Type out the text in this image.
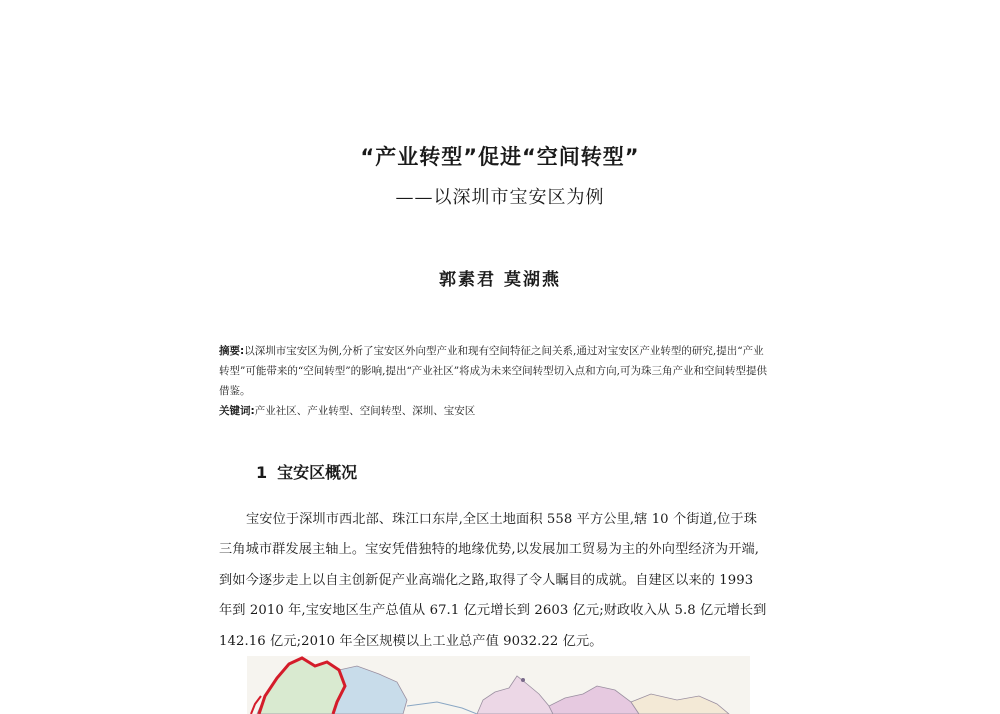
“产业转型”促进“空间转型”
——以深圳市宝安区为例
郭素君 莫湖燕

摘要:以深圳市宝安区为例,分析了宝安区外向型产业和现有空间特征之间关系,通过对宝安区产业转型的研究,提出“产业转型”可能带来的“空间转型”的影响,提出“产业社区”将成为未来空间转型切入点和方向,可为珠三角产业和空间转型提供借鉴。

关键词:产业社区、产业转型、空间转型、深圳、宝安区
1 宝安区概况

宝安位于深圳市西北部、珠江口东岸,全区土地面积 558 平方公里,辖 10 个街道,位于珠三角城市群发展主轴上。宝安凭借独特的地缘优势,以发展加工贸易为主的外向型经济为开端,到如今逐步走上以自主创新促产业高端化之路,取得了令人瞩目的成就。自建区以来的 1993 年到 2010 年,宝安地区生产总值从 67.1 亿元增长到 2603 亿元;财政收入从 5.8 亿元增长到 142.16 亿元;2010 年全区规模以上工业总产值 9032.22 亿元。
